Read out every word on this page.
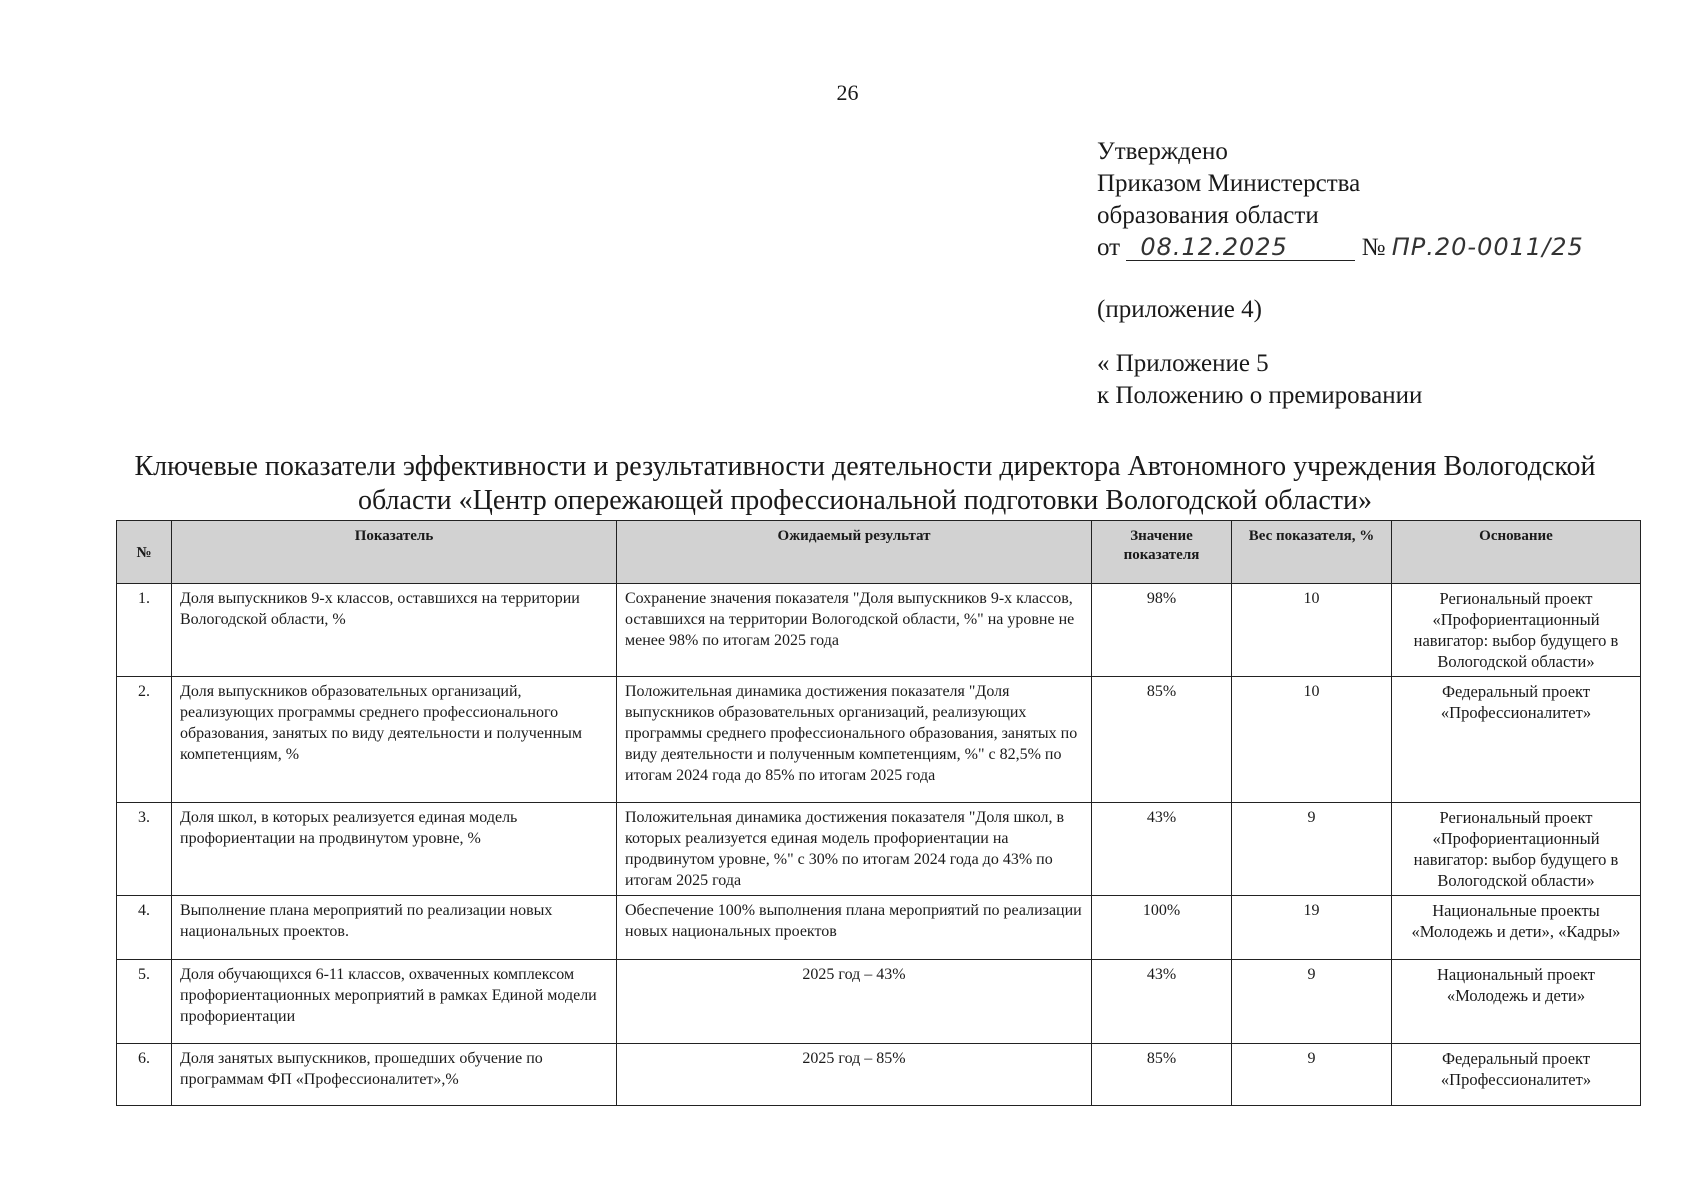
26
Утверждено
Приказом Министерства
образования области
от 08.12.2025	№ ПР.20-0011/25
(приложение 4)
« Приложение 5
к Положению о премировании
Ключевые показатели эффективности и результативности деятельности директора Автономного учреждения Вологодской области «Центр опережающей профессиональной подготовки Вологодской области»
№	Показатель	Ожидаемый результат	Значение показателя	Вес показателя, %	Основание
1.	Доля выпускников 9-х классов, оставшихся на территории Вологодской области, %	Сохранение значения показателя "Доля выпускников 9-х классов, оставшихся на территории Вологодской области, %" на уровне не менее 98% по итогам 2025 года	98%	10	Региональный проект «Профориентационный навигатор: выбор будущего в Вологодской области»
2.	Доля выпускников образовательных организаций, реализующих программы среднего профессионального образования, занятых по виду деятельности и полученным компетенциям, %	Положительная динамика достижения показателя "Доля выпускников образовательных организаций, реализующих программы среднего профессионального образования, занятых по виду деятельности и полученным компетенциям, %" с 82,5% по итогам 2024 года до 85% по итогам 2025 года	85%	10	Федеральный проект «Профессионалитет»
3.	Доля школ, в которых реализуется единая модель профориентации на продвинутом уровне, %	Положительная динамика достижения показателя "Доля школ, в которых реализуется единая модель профориентации на продвинутом уровне, %" с 30% по итогам 2024 года до 43% по итогам 2025 года	43%	9	Региональный проект «Профориентационный навигатор: выбор будущего в Вологодской области»
4.	Выполнение плана мероприятий по реализации новых национальных проектов.	Обеспечение 100% выполнения плана мероприятий по реализации новых национальных проектов	100%	19	Национальные проекты «Молодежь и дети», «Кадры»
5.	Доля обучающихся 6-11 классов, охваченных комплексом профориентационных мероприятий в рамках Единой модели профориентации	2025 год – 43%	43%	9	Национальный проект «Молодежь и дети»
6.	Доля занятых выпускников, прошедших обучение по программам ФП «Профессионалитет»,%	2025 год – 85%	85%	9	Федеральный проект «Профессионалитет»
